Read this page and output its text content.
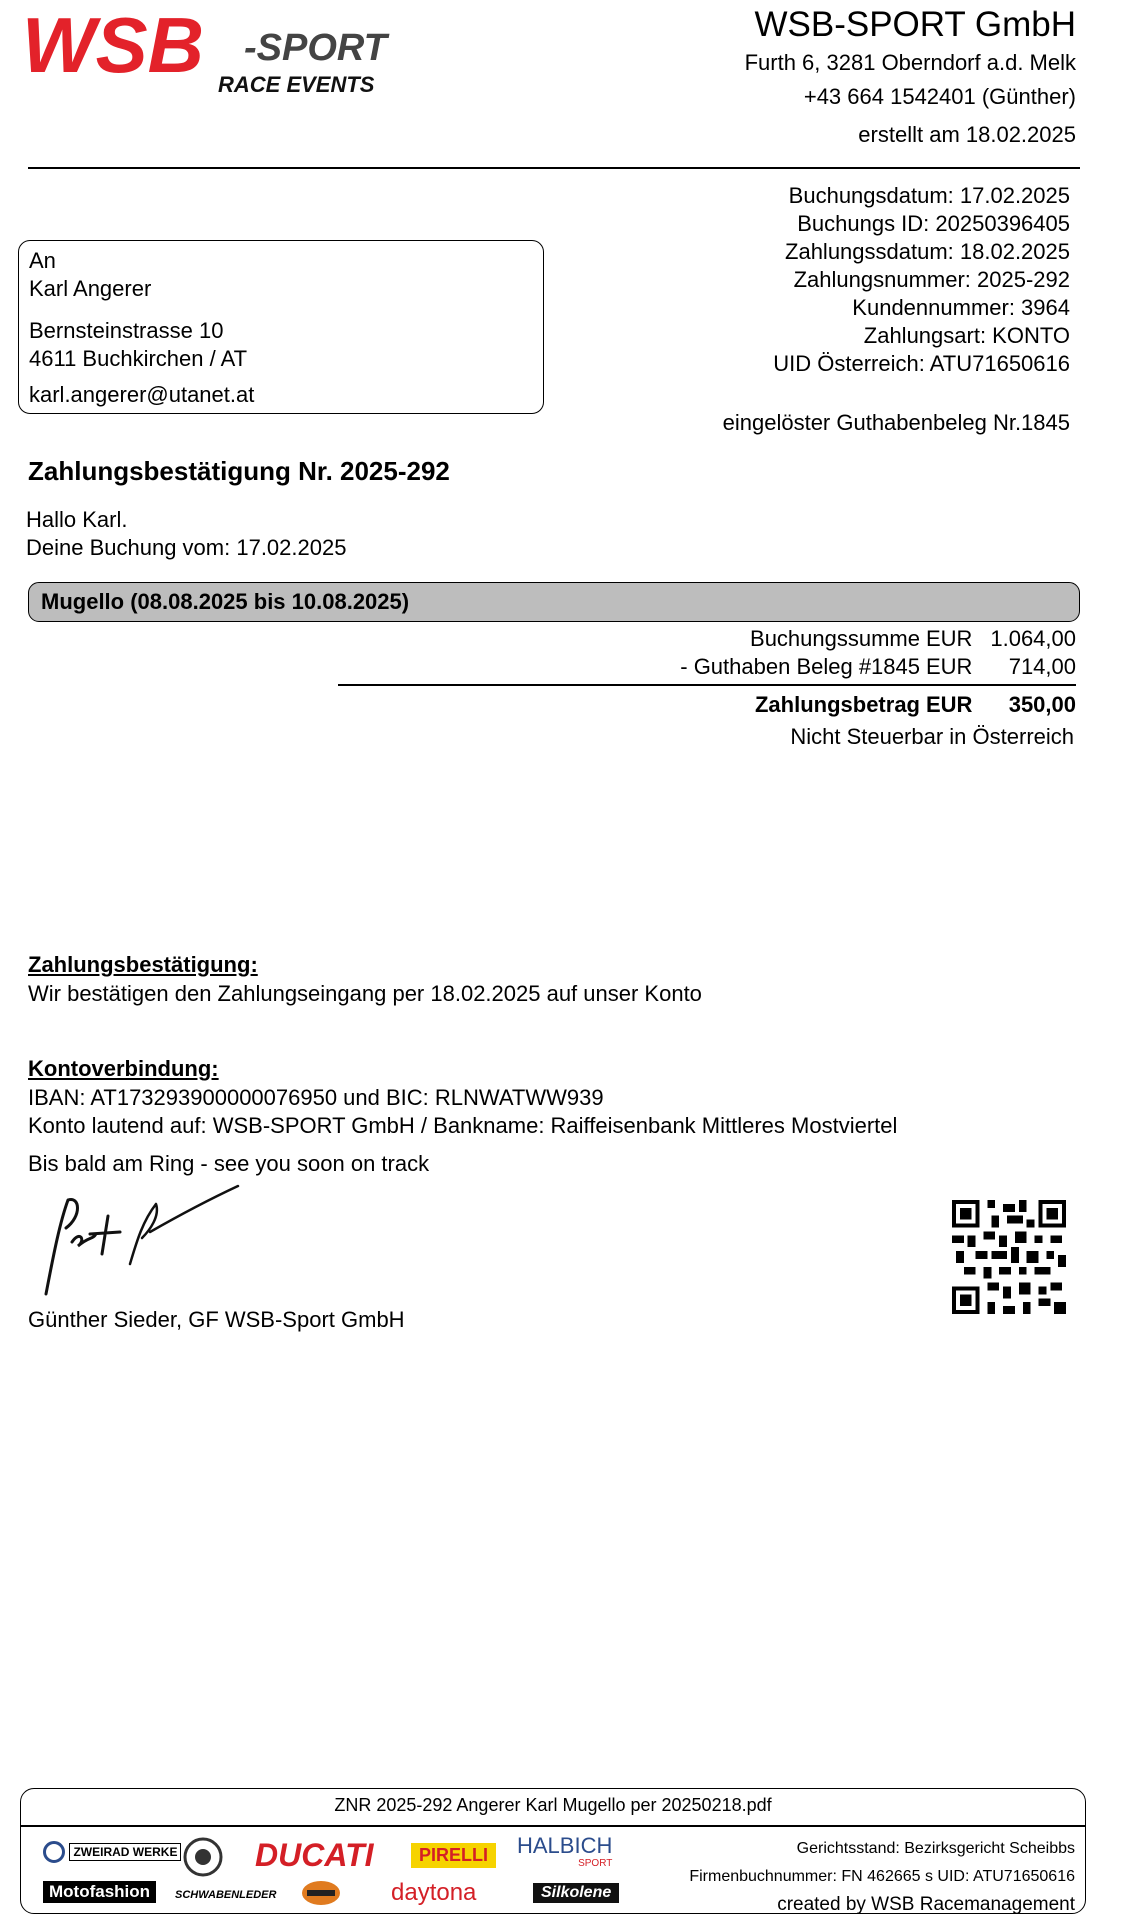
WSB -SPORT
RACE EVENTS
WSB-SPORT GmbH
Furth 6, 3281 Oberndorf a.d. Melk
+43 664 1542401 (Günther)
erstellt am 18.02.2025
Buchungsdatum: 17.02.2025
Buchungs ID: 20250396405
Zahlungssdatum: 18.02.2025
Zahlungsnummer: 2025-292
Kundennummer: 3964
Zahlungsart: KONTO
UID Österreich: ATU71650616
eingelöster Guthabenbeleg Nr.1845
An
Karl Angerer
Bernsteinstrasse 10
4611 Buchkirchen / AT
karl.angerer@utanet.at
Zahlungsbestätigung Nr. 2025-292
Hallo Karl.
Deine Buchung vom: 17.02.2025
Mugello (08.08.2025 bis 10.08.2025)
Buchungssumme EUR 1.064,00
- Guthaben Beleg #1845 EUR	714,00
Zahlungsbetrag EUR	350,00
Nicht Steuerbar in Österreich
Zahlungsbestätigung:
Wir bestätigen den Zahlungseingang per 18.02.2025 auf unser Konto
Kontoverbindung:
IBAN: AT173293900000076950 und BIC: RLNWATWW939
Konto lautend auf: WSB-SPORT GmbH / Bankname: Raiffeisenbank Mittleres Mostviertel
Bis bald am Ring - see you soon on track
Günther Sieder, GF WSB-Sport GmbH
ZNR 2025-292 Angerer Karl Mugello per 20250218.pdf
ZWEIRAD WERKE DUCATI	PIRELLI	HALBICH
SPORT
Motofashion	SCHWABENLEDER	daytona	Silkolene
Gerichtsstand: Bezirksgericht Scheibbs
Firmenbuchnummer: FN 462665 s UID: ATU71650616
created by WSB Racemanagement
